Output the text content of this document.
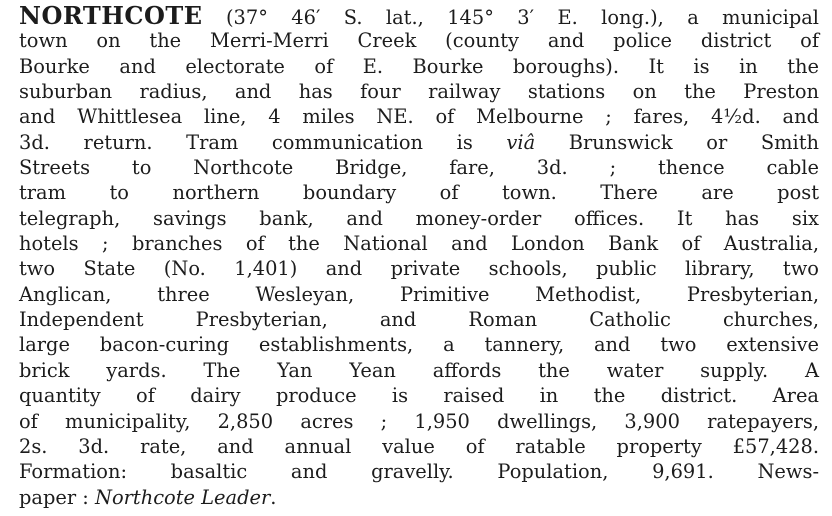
NORTHCOTE (37° 46′ S. lat., 145° 3′ E. long.), a municipal
town on the Merri-Merri Creek (county and police district of
Bourke and electorate of E. Bourke boroughs). It is in the
suburban radius, and has four railway stations on the Preston
and Whittlesea line, 4 miles NE. of Melbourne ; fares, 4½d. and
3d. return. Tram communication is viâ Brunswick or Smith
Streets to Northcote Bridge, fare, 3d. ; thence cable
tram to northern boundary of town. There are post
telegraph, savings bank, and money-order offices. It has six
hotels ; branches of the National and London Bank of Australia,
two State (No. 1,401) and private schools, public library, two
Anglican, three Wesleyan, Primitive Methodist, Presbyterian,
Independent Presbyterian, and Roman Catholic churches,
large bacon-curing establishments, a tannery, and two extensive
brick yards. The Yan Yean affords the water supply. A
quantity of dairy produce is raised in the district. Area
of municipality, 2,850 acres ; 1,950 dwellings, 3,900 ratepayers,
2s. 3d. rate, and annual value of ratable property £57,428.
Formation: basaltic and gravelly. Population, 9,691. News-
paper : Northcote Leader.
